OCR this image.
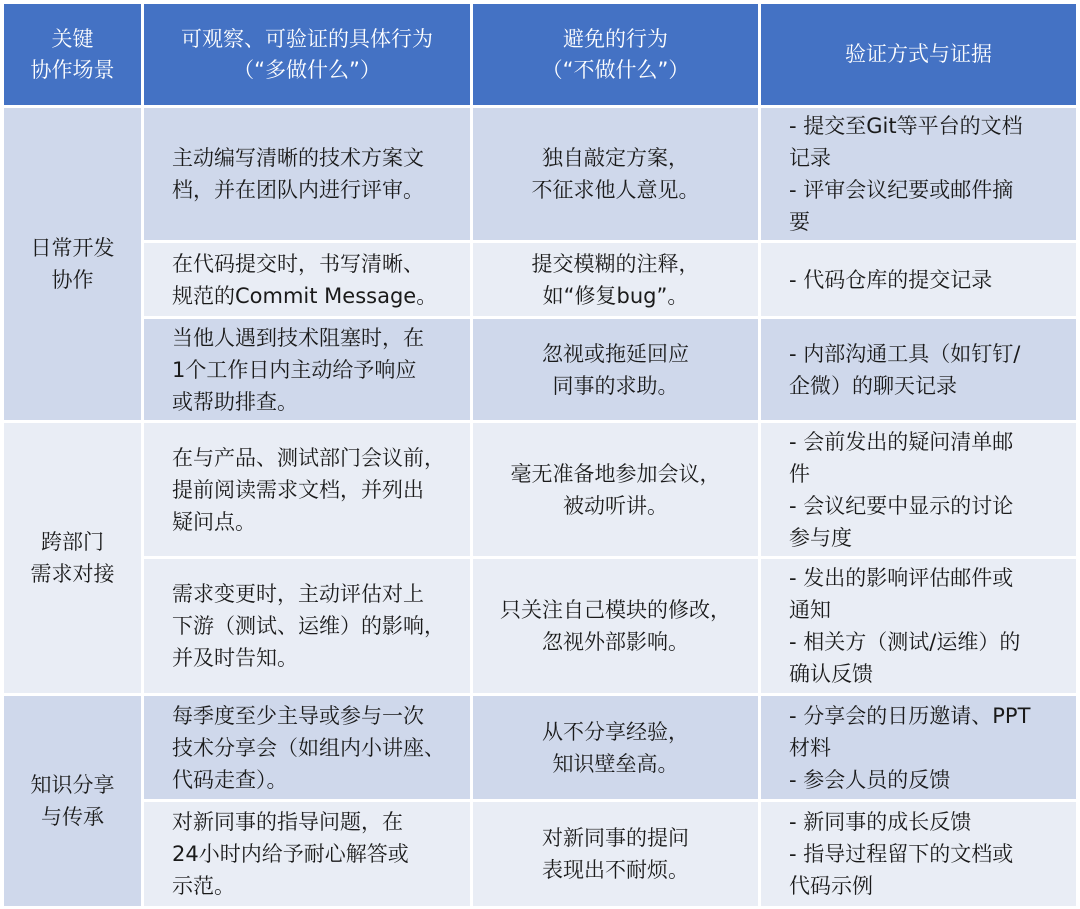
关键
协作场景
可观察、可验证的具体行为
（“多做什么”）
避免的行为
（“不做什么”）
验证方式与证据
日常开发
协作
主动编写清晰的技术方案文
档，并在团队内进行评审。
独自敲定方案，
不征求他人意见。
- 提交至Git等平台的文档
记录
- 评审会议纪要或邮件摘
要
在代码提交时，书写清晰、
规范的Commit Message。
提交模糊的注释，
如“修复bug”。
- 代码仓库的提交记录
当他人遇到技术阻塞时，在
1个工作日内主动给予响应
或帮助排查。
忽视或拖延回应
同事的求助。
- 内部沟通工具（如钉钉/
企微）的聊天记录
跨部门
需求对接
在与产品、测试部门会议前，
提前阅读需求文档，并列出
疑问点。
毫无准备地参加会议，
被动听讲。
- 会前发出的疑问清单邮
件
- 会议纪要中显示的讨论
参与度
需求变更时，主动评估对上
下游（测试、运维）的影响，
并及时告知。
只关注自己模块的修改，
忽视外部影响。
- 发出的影响评估邮件或
通知
- 相关方（测试/运维）的
确认反馈
知识分享
与传承
每季度至少主导或参与一次
技术分享会（如组内小讲座、
代码走查）。
从不分享经验，
知识壁垒高。
- 分享会的日历邀请、PPT
材料
- 参会人员的反馈
对新同事的指导问题，在
24小时内给予耐心解答或
示范。
对新同事的提问
表现出不耐烦。
- 新同事的成长反馈
- 指导过程留下的文档或
代码示例
